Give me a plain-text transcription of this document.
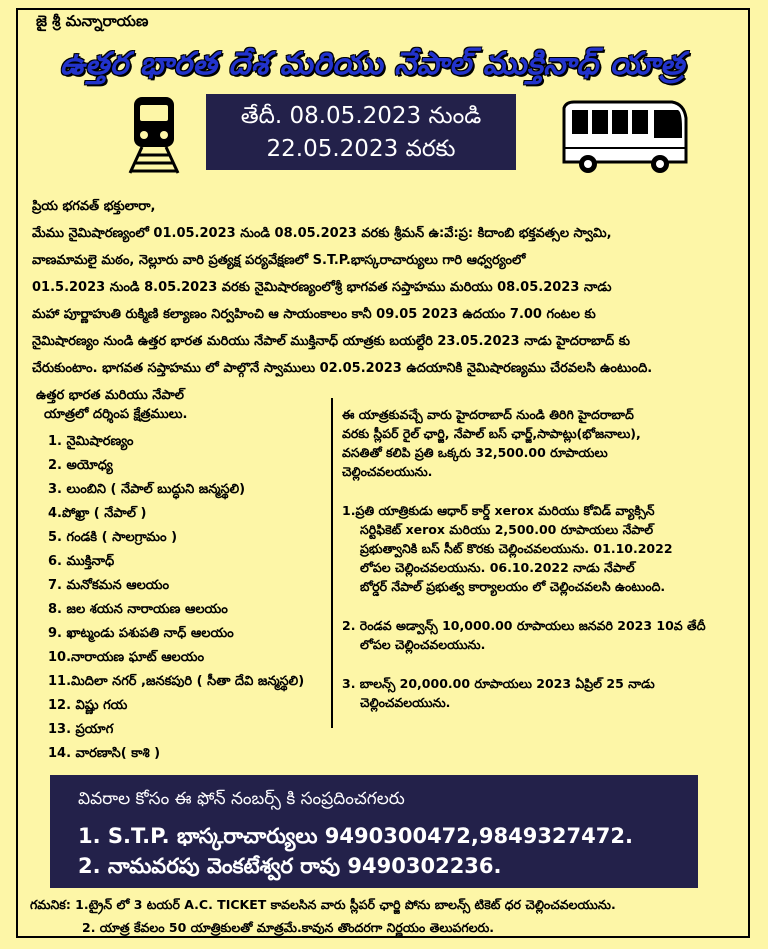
జై శ్రీ మన్నారాయణ
ఉత్తర భారత దేశ మరియు నేపాల్ ముక్తినాధ్ యాత్ర
తేదీ. 08.05.2023 నుండి
22.05.2023 వరకు

ప్రియ భగవత్ భక్తులారా,

మేము నైమిషారణ్యంలో 01.05.2023 నుండి 08.05.2023 వరకు శ్రీమన్ ఉ:వే:ప్ర: కిదాంబి భక్తవత్సల స్వామి,

వాణమామలై మఠం, నెల్లూరు వారి ప్రత్యక్ష పర్యవేక్షణలో S.T.P.భాస్కరాచార్యులు గారి ఆధ్వర్యంలో

01.5.2023 నుండి 8.05.2023 వరకు నైమిషారణ్యంలోశ్రీ భాగవత సప్తాహము మరియు 08.05.2023 నాడు

మహా పూర్ణాహుతి రుక్మిణి కల్యాణం నిర్వహించి ఆ సాయంకాలం కానీ 09.05 2023 ఉదయం 7.00 గంటల కు

నైమిషారణ్యం నుండి ఉత్తర భారత మరియు నేపాల్ ముక్తినాధ్ యాత్రకు బయల్దేరి 23.05.2023 నాడు హైదరాబాద్ కు

చేరుకుంటాం. భాగవత సప్తాహము లో పాల్గొనే స్వాములు 02.05.2023 ఉదయానికి నైమిషారణ్యము చేరవలసి ఉంటుంది.

ఉత్తర భారత మరియు నేపాల్

యాత్రలో దర్శింప క్షేత్రములు.

1. నైమిషారణ్యం
2. అయోధ్య
3. లుంబిని ( నేపాల్ బుద్ధుని జన్మస్థలి)
4.పోఖ్రా ( నేపాల్ )
5. గండకి ( సాలగ్రామం )
6. ముక్తినాధ్
7. మనోకమన ఆలయం
8. జల శయన నారాయణ ఆలయం
9. ఖాట్మండు పశుపతి నాధ్ ఆలయం
10.నారాయణ ఘాట్ ఆలయం
11.మిదిలా నగర్ ,జనకపురి ( సీతా దేవి జన్మస్థలి)
12. విష్ణు గయ
13. ప్రయాగ
14. వారణాసి( కాశి )

ఈ యాత్రకువచ్చే వారు హైదరాబాద్ నుండి తిరిగి హైదరాబాద్

వరకు స్లీపర్ రైల్ ఛార్జి, నేపాల్ బస్ ఛార్జ్,సాపాట్లు(భోజనాలు),

వసతితో కలిపి ప్రతి ఒక్కరు 32,500.00 రూపాయలు

చెల్లించవలయును.

1.ప్రతి యాత్రికుడు ఆధార్ కార్డ్ xerox మరియు కోవిడ్ వ్యాక్సిన్

సర్టిఫికెట్ xerox మరియు 2,500.00 రూపాయలు నేపాల్

ప్రభుత్వానికి బస్ సీట్ కొరకు చెల్లించవలయును. 01.10.2022

లోపల చెల్లించవలయును. 06.10.2022 నాడు నేపాల్

బోర్డర్ నేపాల్ ప్రభుత్వ కార్యాలయం లో చెల్లించవలసి ఉంటుంది.

2. రెండవ అడ్వాన్స్ 10,000.00 రూపాయలు జనవరి 2023 10వ తేదీ

లోపల చెల్లించవలయును.

3. బాలన్స్ 20,000.00 రూపాయలు 2023 ఏప్రిల్ 25 నాడు

చెల్లించవలయును.

వివరాల కోసం ఈ ఫోన్ నంబర్స్ కి సంప్రదించగలరు

1. S.T.P. భాస్కరాచార్యులు 9490300472,9849327472.

2. నామవరపు వెంకటేశ్వర రావు 9490302236.

గమనిక: 1.ట్రైన్ లో 3 టయర్ A.C. TICKET కావలసిన వారు స్లీపర్ ఛార్జి పోను బాలన్స్ టికెట్ ధర చెల్లించవలయును.

2. యాత్ర కేవలం 50 యాత్రికులతో మాత్రమే.కావున తొందరగా నిర్ణయం తెలుపగలరు.
